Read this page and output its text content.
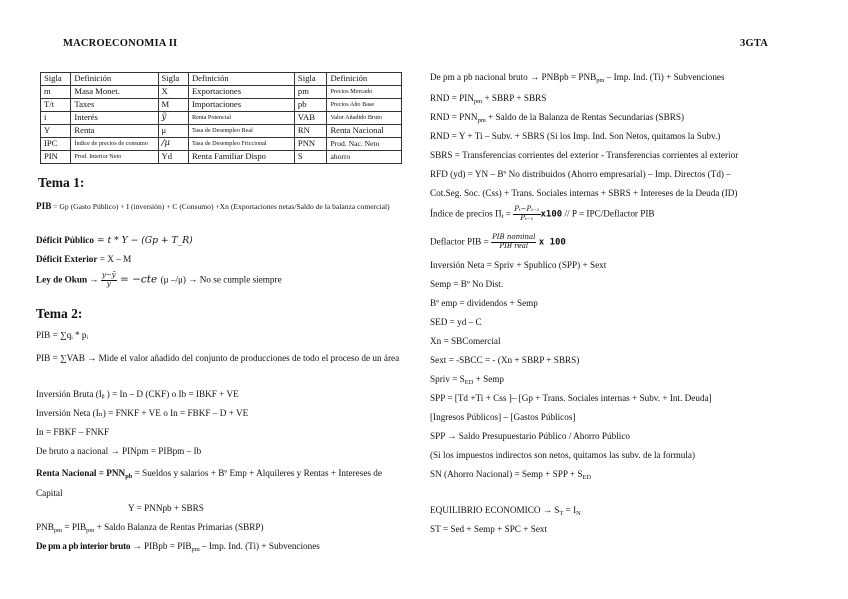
MACROECONOMIA II	3GTA
Sigla	Definición	Sigla	Definición	Sigla	Definición
m	Masa Monet.	X	Exportaciones	pm	Precios Mercado
T/t	Taxes	M	Importaciones	pb	Precios Año Base
i	Interés	ỹ	Renta Potencial	VAB	Valor Añadido Bruto
Y	Renta	μ	Tasa de Desempleo Real	RN	Renta Nacional
IPC	Índice de precios de consumo	/μ	Tasa de Desempleo Friccional	PNN	Prod. Nac. Neto
PIN	Prod. Interior Neto	Yd	Renta Familiar Dispo	S	ahorro
Tema 1:
PIB = Gp (Gasto Público) + I (inversión) + C (Consumo) +Xn (Exportaciones netas/Saldo de la balanza comercial)
Déficit Público = t * Y − (Gp + T_R)
Déficit Exterior = X – M
Ley de Okun → $\frac{\text{y−ỹ}}{\text{ỹ}} = -cte$ (μ –/μ) → No se cumple siempre
Tema 2:
PIB = ∑qᵢ * pᵢ
PIB = ∑VAB → Mide el valor añadido del conjunto de producciones de todo el proceso de un área
Inversión Bruta (Iᵦ ) = In – D (CKF) o Ib = IBKF + VE
Inversión Neta (Iₙ) = FNKF + VE o In = FBKF – D + VE
In = FBKF – FNKF
De bruto a nacional → PINpm = PIBpm – Ib
Renta Nacional = $PNN_{pb}$ = Sueldos y salarios + Bº Emp + Alquileres y Rentas + Intereses de Capital
Y = PNNpb + SBRS
$PNB_{pm} = PIB_{pm}$ + Saldo Balanza de Rentas Primarias (SBRP)
De pm a pb interior bruto → PIBpb = $PIB_{pm}$ – Imp. Ind. (Ti) + Subvenciones
De pm a pb nacional bruto → PNBpb = $PNB_{pm}$ – Imp. Ind. (Ti) + Subvenciones
RND = $PIN_{pm}$ + SBRP + SBRS
RND = $PNN_{pm}$ + Saldo de la Balanza de Rentas Secundarias (SBRS)
RND = Y + Ti – Subv. + SBRS (Si los Imp. Ind. Son Netos, quitamos la Subv.)
SBRS = Transferencias corrientes del exterior - Transferencias corrientes al exterior
RFD (yd) = YN – Bº No distribuidos (Ahorro empresarial) – Imp. Directos (Td) –
Cot.Seg. Soc. (Css) + Trans. Sociales internas + SBRS + Intereses de la Deuda (ID)
Índice de precios $\Pi_t = \frac{\text{Pₜ−Pₜ₋₁}}{\text{Pₜ₋₁}} x100 // P$ = IPC/Deflactor PIB
Deflactor PIB = $\frac{\text{PIB nominal}}{\text{PIB real}}$ x 100
Inversión Neta = Spriv + Spublico (SPP) + Sext
Semp = Bº No Dist.
Bº emp = dividendos + Semp
SED = yd – C
Xn = SBComercial
Sext = -SBCC = - (Xn + SBRP + SBRS)
Spriv = $S_{ED}$ + Semp
SPP = [Td +Ti + Css ]– [Gp + Trans. Sociales internas + Subv. + Int. Deuda]
[Ingresos Públicos] – [Gastos Públicos]
SPP → Saldo Presupuestario Público / Ahorro Público
(Si los impuestos indirectos son netos, quitamos las subv. de la formula)
SN (Ahorro Nacional) = Semp + SPP + $S_{ED}$
EQUILIBRIO ECONOMICO → $S_T = I_N$
ST = Sed + Semp + SPC + Sext
